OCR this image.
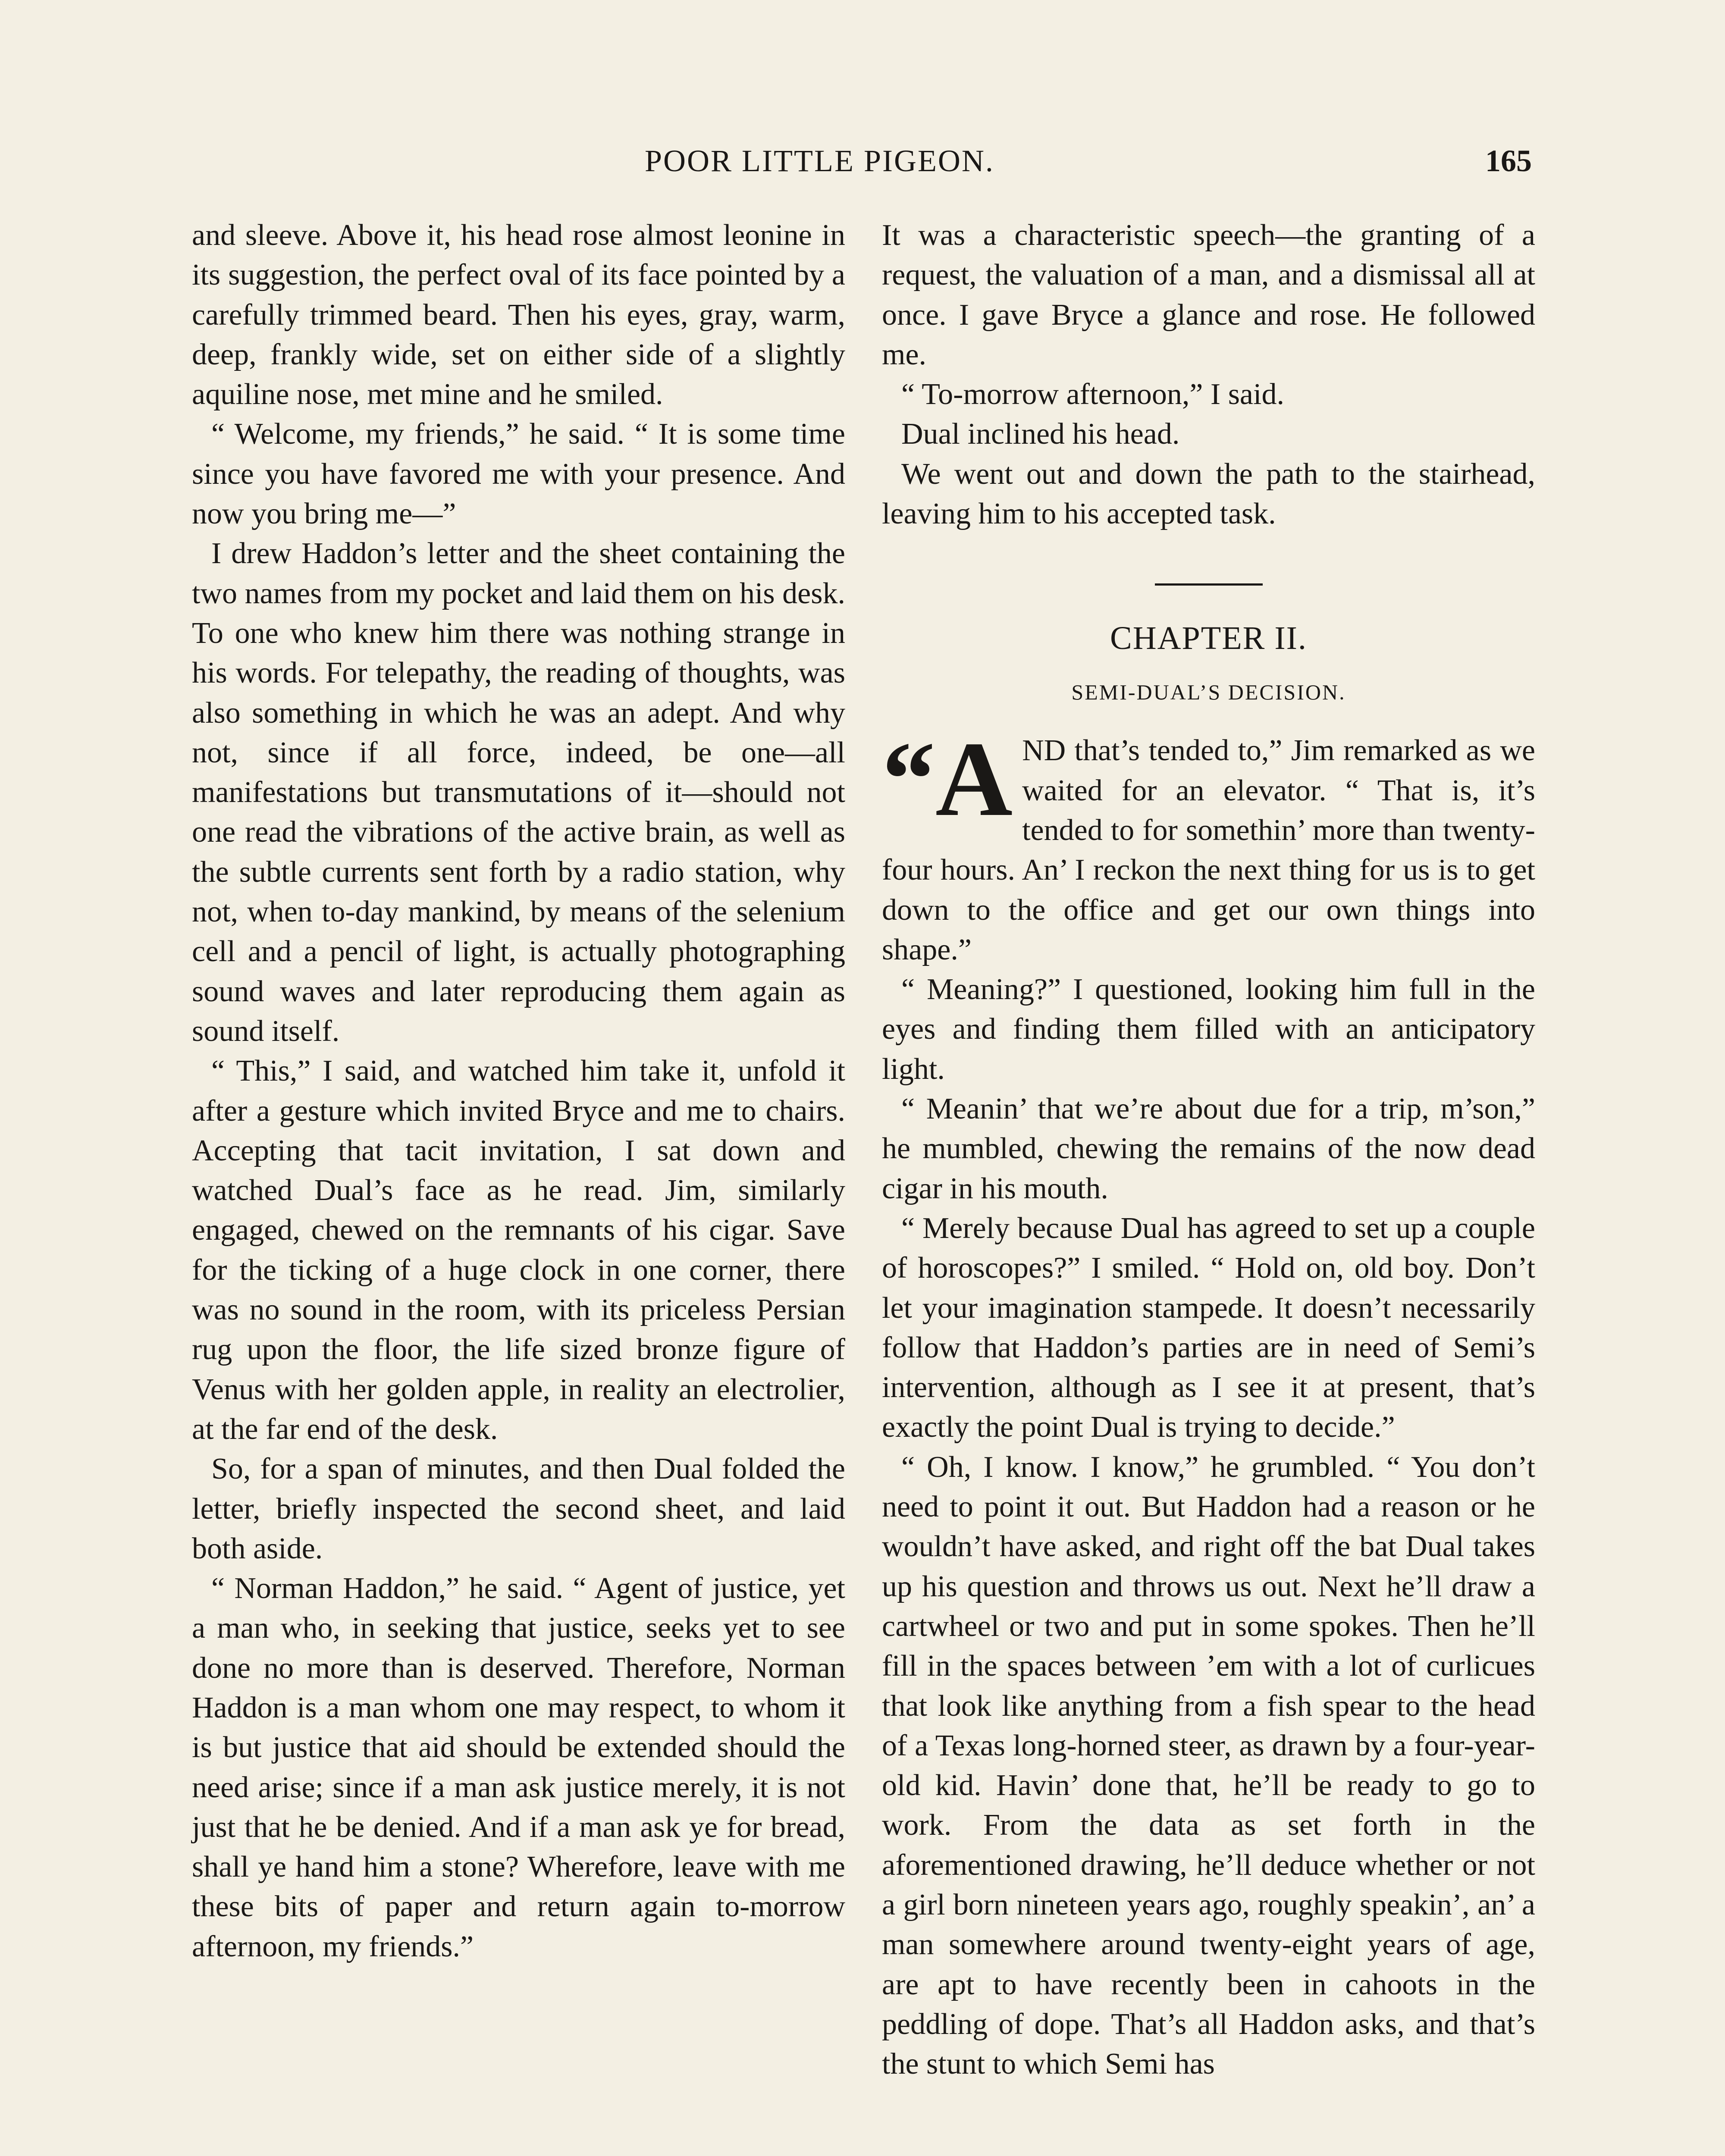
POOR LITTLE PIGEON.	165

and sleeve. Above it, his head rose almost leonine in its suggestion, the perfect oval of its face pointed by a carefully trimmed beard. Then his eyes, gray, warm, deep, frankly wide, set on either side of a slightly aquiline nose, met mine and he smiled.

“ Welcome, my friends,” he said. “ It is some time since you have favored me with your presence. And now you bring me—”

I drew Haddon’s letter and the sheet containing the two names from my pocket and laid them on his desk. To one who knew him there was nothing strange in his words. For telepathy, the reading of thoughts, was also something in which he was an adept. And why not, since if all force, indeed, be one—all manifestations but transmutations of it—should not one read the vibrations of the active brain, as well as the subtle currents sent forth by a radio station, why not, when to-day mankind, by means of the selenium cell and a pencil of light, is actually photographing sound waves and later reproducing them again as sound itself.

“ This,” I said, and watched him take it, unfold it after a gesture which invited Bryce and me to chairs. Accepting that tacit invitation, I sat down and watched Dual’s face as he read. Jim, similarly engaged, chewed on the remnants of his cigar. Save for the ticking of a huge clock in one corner, there was no sound in the room, with its priceless Persian rug upon the floor, the life sized bronze figure of Venus with her golden apple, in reality an electrolier, at the far end of the desk.

So, for a span of minutes, and then Dual folded the letter, briefly inspected the second sheet, and laid both aside.

“ Norman Haddon,” he said. “ Agent of justice, yet a man who, in seeking that justice, seeks yet to see done no more than is deserved. Therefore, Norman Haddon is a man whom one may respect, to whom it is but justice that aid should be extended should the need arise; since if a man ask justice merely, it is not just that he be denied. And if a man ask ye for bread, shall ye hand him a stone? Wherefore, leave with me these bits of paper and return again to-morrow afternoon, my friends.”

It was a characteristic speech—the granting of a request, the valuation of a man, and a dismissal all at once. I gave Bryce a glance and rose. He followed me.

“ To-morrow afternoon,” I said.

Dual inclined his head.

We went out and down the path to the stairhead, leaving him to his accepted task.

CHAPTER II.
SEMI-DUAL’S DECISION.

“A ND that’s tended to,” Jim remarked as we waited for an elevator. “ That is, it’s tended to for somethin’ more than twenty-four hours. An’ I reckon the next thing for us is to get down to the office and get our own things into shape.”

“ Meaning?” I questioned, looking him full in the eyes and finding them filled with an anticipatory light.

“ Meanin’ that we’re about due for a trip, m’son,” he mumbled, chewing the remains of the now dead cigar in his mouth.

“ Merely because Dual has agreed to set up a couple of horoscopes?” I smiled. “ Hold on, old boy. Don’t let your imagination stampede. It doesn’t necessarily follow that Haddon’s parties are in need of Semi’s intervention, although as I see it at present, that’s exactly the point Dual is trying to decide.”

“ Oh, I know. I know,” he grumbled. “ You don’t need to point it out. But Haddon had a reason or he wouldn’t have asked, and right off the bat Dual takes up his question and throws us out. Next he’ll draw a cartwheel or two and put in some spokes. Then he’ll fill in the spaces between ’em with a lot of curlicues that look like anything from a fish spear to the head of a Texas long-horned steer, as drawn by a four-year-old kid. Havin’ done that, he’ll be ready to go to work. From the data as set forth in the aforementioned drawing, he’ll deduce whether or not a girl born nineteen years ago, roughly speakin’, an’ a man somewhere around twenty-eight years of age, are apt to have recently been in cahoots in the peddling of dope. That’s all Haddon asks, and that’s the stunt to which Semi has
